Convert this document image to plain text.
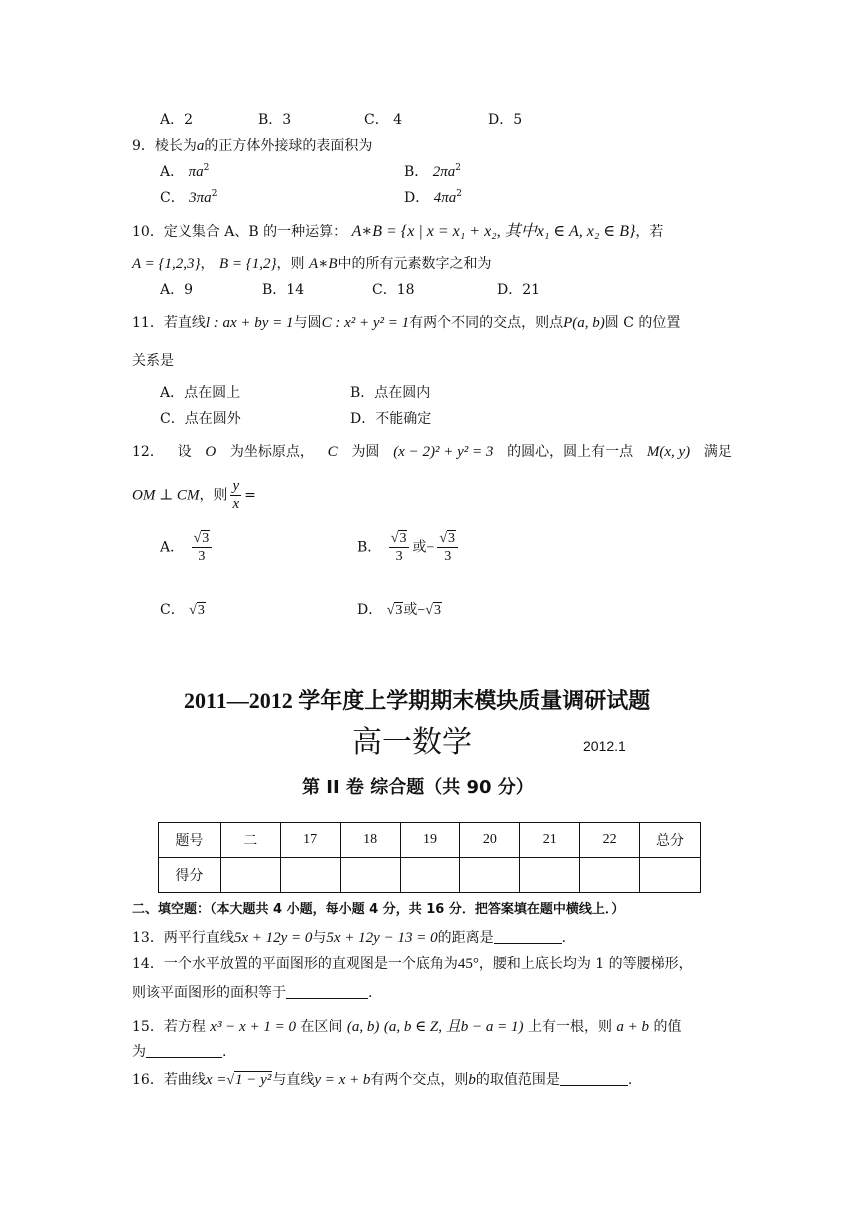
A．2	B．3	C． 4	D．5
9．棱长为a的正方体外接球的表面积为
A． $\pi a^2$	B． $2\pi a^2$
C． $3\pi a^2$	D． $4\pi a^2$
10．定义集合 A、B 的一种运算： A∗B = {x | x = x₁ + x₂, 其中x₁ ∈ A, x₂ ∈ B}，若
A = {1,2,3}， B = {1,2}，则 A∗B中的所有元素数字之和为
A．9	B．14	C．18	D．21
11．若直线l : ax + by = 1与圆C : x² + y² = 1有两个不同的交点，则点P(a, b)圆 C 的位置
关系是
A．点在圆上	B．点在圆内
C．点在圆外	D．不能确定
12． 设 O 为坐标原点， C 为圆 (x − 2)² + y² = 3 的圆心，圆上有一点 M(x, y) 满足
OM ⊥ CM，则 $\frac{y}{x}$ =
A． $\frac{√3}{3}$	B． $\frac{√3}{3}$ 或− $\frac{√3}{3}$
C． √3	D． √3或−√3
2011—2012 学年度上学期期末模块质量调研试题
高一数学	2012.1
第 II 卷 综合题（共 90 分）
题号	二	17	18	19	20	21	22	总分
得分								
二、填空题：（本大题共 4 小题，每小题 4 分，共 16 分．把答案填在题中横线上．）
13．两平行直线5x + 12y = 0与5x + 12y − 13 = 0的距离是	.
14．一个水平放置的平面图形的直观图是一个底角为45°，腰和上底长均为 1 的等腰梯形，
则该平面图形的面积等于	.
15．若方程 x³ − x + 1 = 0 在区间 (a, b) (a, b ∈ Z, 且b − a = 1) 上有一根，则 a + b 的值
为	.
16．若曲线x =√1 − y²与直线y = x + b有两个交点，则b的取值范围是	.
